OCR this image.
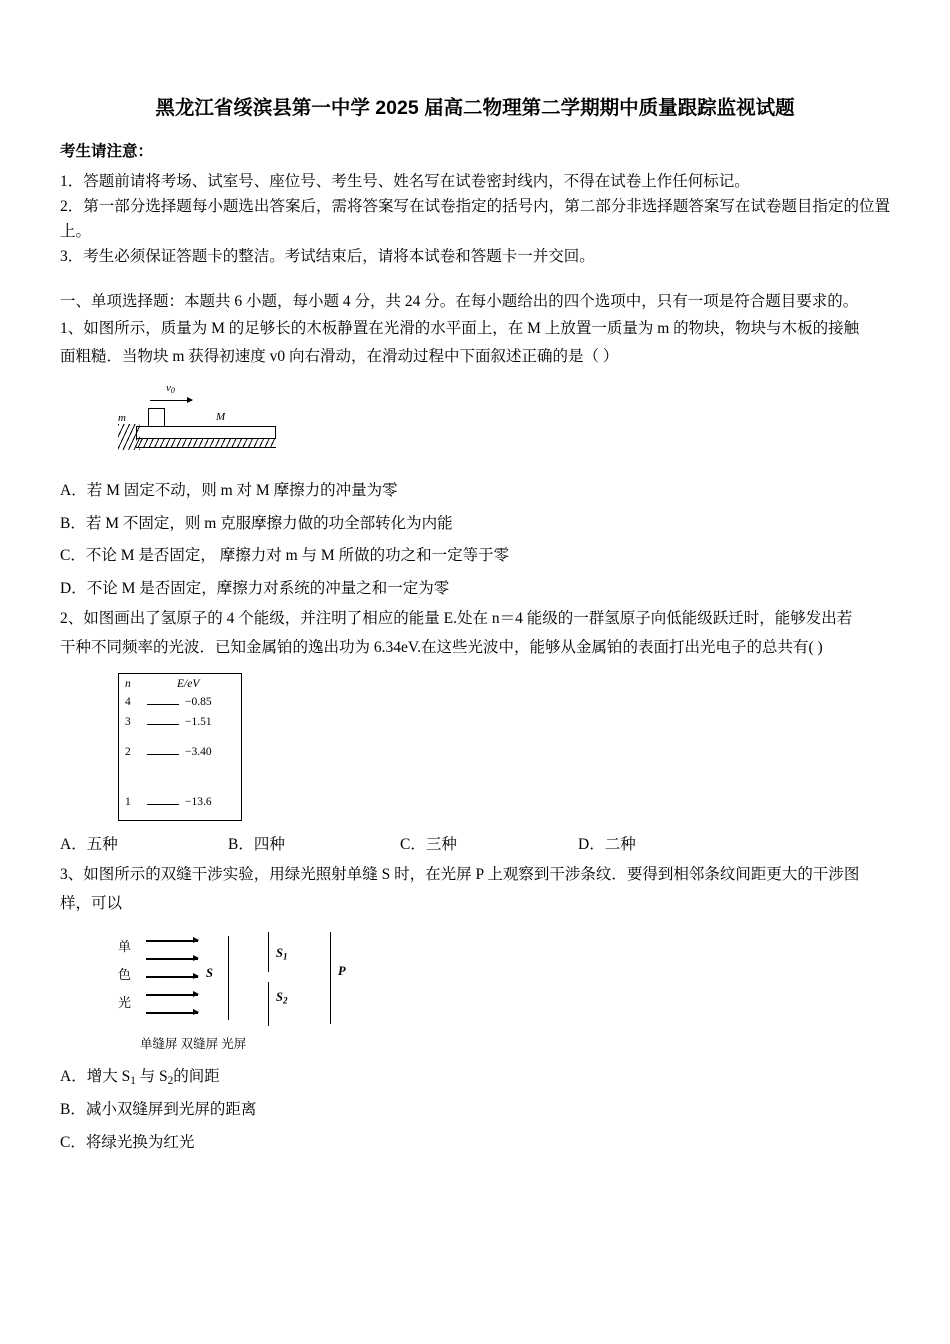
黑龙江省绥滨县第一中学 2025 届高二物理第二学期期中质量跟踪监视试题
考生请注意：
1．答题前请将考场、试室号、座位号、考生号、姓名写在试卷密封线内，不得在试卷上作任何标记。
2．第一部分选择题每小题选出答案后，需将答案写在试卷指定的括号内，第二部分非选择题答案写在试卷题目指定的位置上。
3．考生必须保证答题卡的整洁。考试结束后，请将本试卷和答题卡一并交回。
一、单项选择题：本题共 6 小题，每小题 4 分，共 24 分。在每小题给出的四个选项中，只有一项是符合题目要求的。
1、如图所示，质量为 M 的足够长的木板静置在光滑的水平面上，在 M 上放置一质量为 m 的物块，物块与木板的接触
面粗糙．当物块 m 获得初速度 v0 向右滑动，在滑动过程中下面叙述正确的是（ ）
$v_0$
m	M
A．若 M 固定不动，则 m 对 M 摩擦力的冲量为零
B．若 M 不固定，则 m 克服摩擦力做的功全部转化为内能
C．不论 M 是否固定， 摩擦力对 m 与 M 所做的功之和一定等于零
D．不论 M 是否固定，摩擦力对系统的冲量之和一定为零
2、如图画出了氢原子的 4 个能级，并注明了相应的能量 E.处在 n＝4 能级的一群氢原子向低能级跃迁时，能够发出若
干种不同频率的光波．已知金属铂的逸出功为 6.34eV.在这些光波中，能够从金属铂的表面打出光电子的总共有( )
n	E/eV
4	−0.85
3	−1.51
2	−3.40
1	−13.6
A．五种	B．四种	C．三种	D．二种
3、如图所示的双缝干涉实验，用绿光照射单缝 S 时，在光屏 P 上观察到干涉条纹．要得到相邻条纹间距更大的干涉图
样，可以
单
色
光
S
$S_1$
$S_2$
P
单缝屏 双缝屏 光屏
A．增大 $S_1$ 与 $S_2$的间距
B．减小双缝屏到光屏的距离
C．将绿光换为红光
